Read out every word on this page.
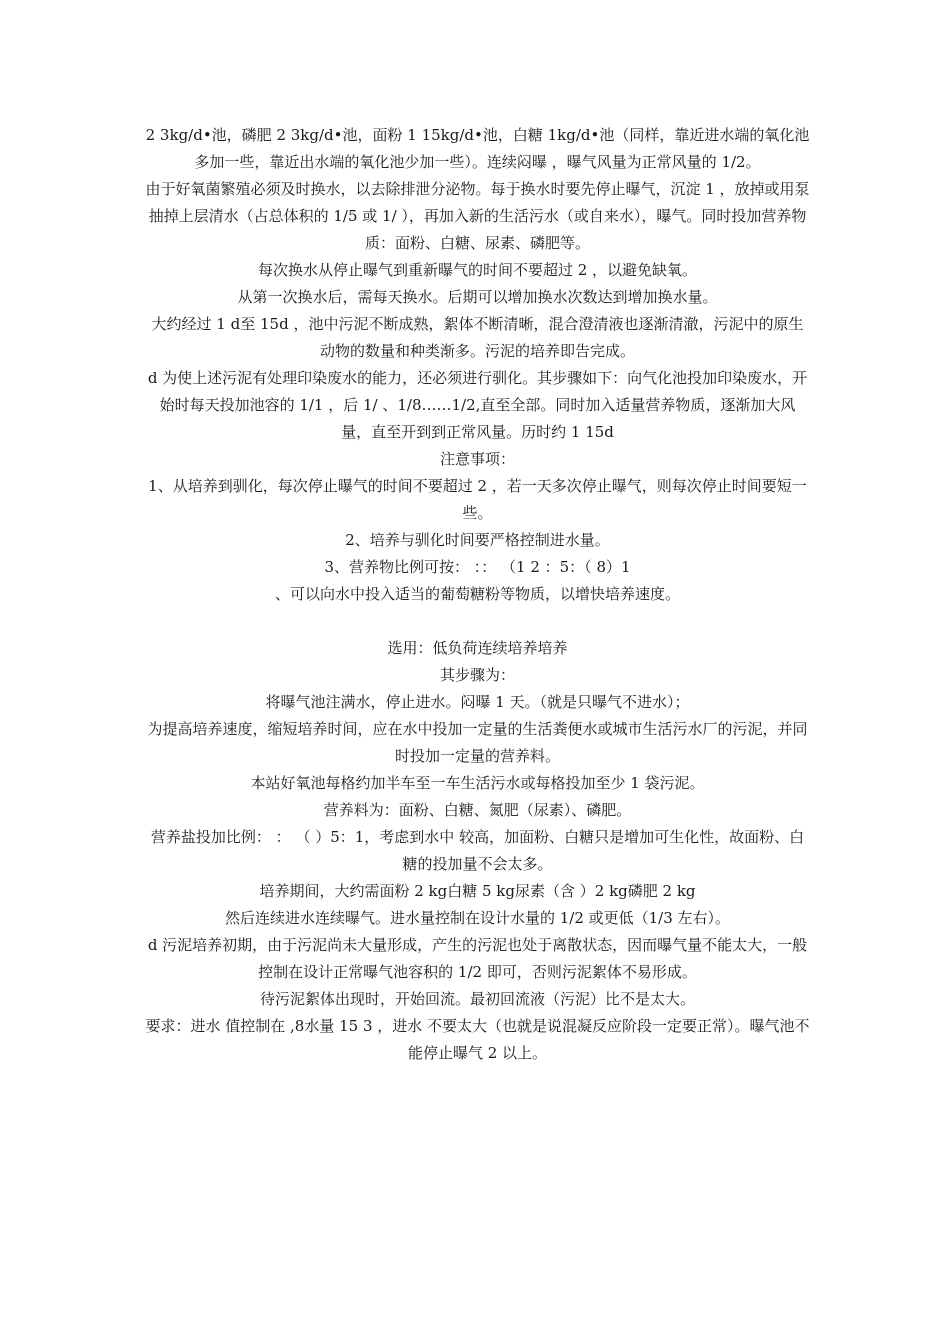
2 3kg/d•池，磷肥 2 3kg/d•池，面粉 1 15kg/d•池，白糖 1kg/d•池（同样，靠近进水端的氧化池多加一些，靠近出水端的氧化池少加一些）。连续闷曝 ，曝气风量为正常风量的 1/2。

由于好氧菌繁殖必须及时换水，以去除排泄分泌物。每于换水时要先停止曝气，沉淀 1 ，放掉或用泵抽掉上层清水（占总体积的 1/5 或 1/ ），再加入新的生活污水（或自来水），曝气。同时投加营养物质：面粉、白糖、尿素、磷肥等。

每次换水从停止曝气到重新曝气的时间不要超过 2 ，以避免缺氧。

从第一次换水后，需每天换水。后期可以增加换水次数达到增加换水量。

大约经过 1 d至 15d ，池中污泥不断成熟，絮体不断清晰，混合澄清液也逐渐清澈，污泥中的原生动物的数量和种类渐多。污泥的培养即告完成。

d 为使上述污泥有处理印染废水的能力，还必须进行驯化。其步骤如下：向气化池投加印染废水，开始时每天投加池容的 1/1 ，后 1/ 、1/8……1/2,直至全部。同时加入适量营养物质，逐渐加大风量，直至开到到正常风量。历时约 1 15d

注意事项：

1、从培养到驯化，每次停止曝气的时间不要超过 2 ，若一天多次停止曝气，则每次停止时间要短一些。

2、培养与驯化时间要严格控制进水量。

3、营养物比例可按： ：： （1 2 ：5：（ 8）1

、可以向水中投入适当的葡萄糖粉等物质，以增快培养速度。

选用：低负荷连续培养培养

其步骤为：

将曝气池注满水，停止进水。闷曝 1 天。（就是只曝气不进水）；

为提高培养速度，缩短培养时间，应在水中投加一定量的生活粪便水或城市生活污水厂的污泥，并同时投加一定量的营养料。

本站好氧池每格约加半车至一车生活污水或每格投加至少 1 袋污泥。

营养料为：面粉、白糖、氮肥（尿素）、磷肥。

营养盐投加比例： ： （ ）5：1，考虑到水中 较高，加面粉、白糖只是增加可生化性，故面粉、白糖的投加量不会太多。

培养期间，大约需面粉 2 kg白糖 5 kg尿素（含 ）2 kg磷肥 2 kg

然后连续进水连续曝气。进水量控制在设计水量的 1/2 或更低（1/3 左右）。

d 污泥培养初期，由于污泥尚未大量形成，产生的污泥也处于离散状态，因而曝气量不能太大，一般控制在设计正常曝气池容积的 1/2 即可，否则污泥絮体不易形成。

待污泥絮体出现时，开始回流。最初回流液（污泥）比不是太大。

要求：进水 值控制在 ,8水量 15 3 ，进水 不要太大（也就是说混凝反应阶段一定要正常）。曝气池不能停止曝气 2 以上。
